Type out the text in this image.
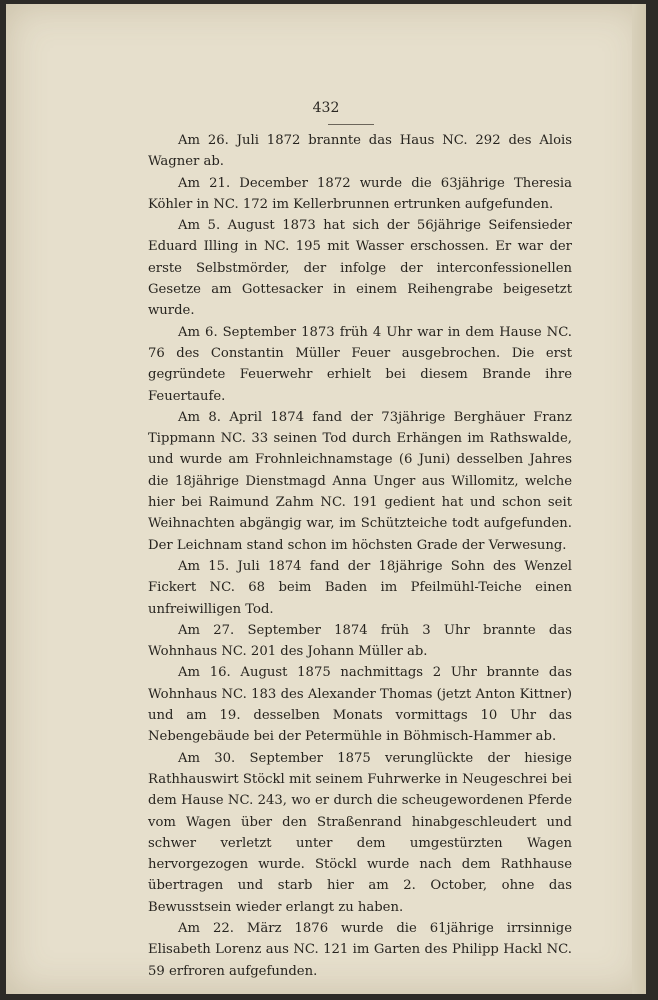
432

Am 26. Juli 1872 brannte das Haus NC. 292 des Alois Wagner ab.

Am 21. December 1872 wurde die 63jährige Theresia Köhler in NC. 172 im Kellerbrunnen ertrunken aufgefunden.

Am 5. August 1873 hat sich der 56jährige Seifensieder Eduard Illing in NC. 195 mit Wasser erschossen. Er war der erste Selbstmörder, der infolge der interconfessionellen Gesetze am Gottesacker in einem Reihengrabe beigesetzt wurde.

Am 6. September 1873 früh 4 Uhr war in dem Hause NC. 76 des Constantin Müller Feuer ausgebrochen. Die erst gegründete Feuerwehr erhielt bei diesem Brande ihre Feuertaufe.

Am 8. April 1874 fand der 73jährige Berghäuer Franz Tippmann NC. 33 seinen Tod durch Erhängen im Rathswalde, und wurde am Frohnleichnamstage (6 Juni) desselben Jahres die 18jährige Dienstmagd Anna Unger aus Willomitz, welche hier bei Raimund Zahm NC. 191 gedient hat und schon seit Weihnachten abgängig war, im Schützteiche todt aufgefunden. Der Leichnam stand schon im höchsten Grade der Verwesung.

Am 15. Juli 1874 fand der 18jährige Sohn des Wenzel Fickert NC. 68 beim Baden im Pfeilmühl-Teiche einen unfreiwilligen Tod.

Am 27. September 1874 früh 3 Uhr brannte das Wohnhaus NC. 201 des Johann Müller ab.

Am 16. August 1875 nachmittags 2 Uhr brannte das Wohnhaus NC. 183 des Alexander Thomas (jetzt Anton Kittner) und am 19. desselben Monats vormittags 10 Uhr das Nebengebäude bei der Petermühle in Böhmisch-Hammer ab.

Am 30. September 1875 verunglückte der hiesige Rathhauswirt Stöckl mit seinem Fuhrwerke in Neugeschrei bei dem Hause NC. 243, wo er durch die scheugewordenen Pferde vom Wagen über den Straßenrand hinabgeschleudert und schwer verletzt unter dem umgestürzten Wagen hervorgezogen wurde. Stöckl wurde nach dem Rathhause übertragen und starb hier am 2. October, ohne das Bewusstsein wieder erlangt zu haben.

Am 22. März 1876 wurde die 61jährige irrsinnige Elisabeth Lorenz aus NC. 121 im Garten des Philipp Hackl NC. 59 erfroren aufgefunden.
